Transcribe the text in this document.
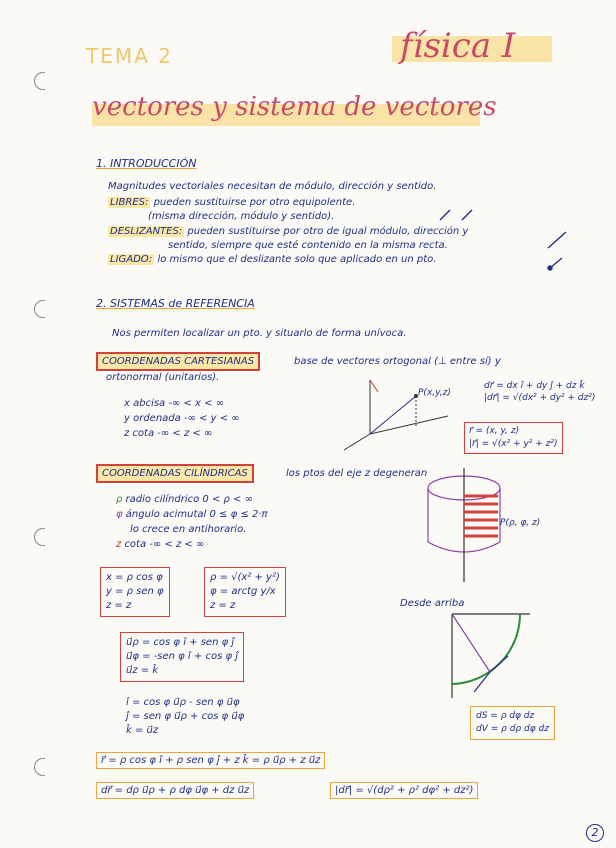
TEMA 2	física I
vectores y sistema de vectores
1. INTRODUCCIÓN
Magnitudes vectoriales necesitan de módulo, dirección y sentido.
LIBRES: pueden sustituirse por otro equipolente.
(misma dirección, módulo y sentido).
DESLIZANTES: pueden sustituirse por otro de igual módulo, dirección y
sentido, siempre que esté contenido en la misma recta.
LIGADO: lo mismo que el deslizante solo que aplicado en un pto.
2. SISTEMAS de REFERENCIA
Nos permiten localizar un pto. y situarlo de forma unívoca.
COORDENADAS CARTESIANAS	base de vectores ortogonal (⊥ entre sí) y
ortonormal (unitarios).
x abcisa -∞ < x < ∞
y ordenada -∞ < y < ∞
z cota -∞ < z < ∞
P(x,y,z)
dr⃗ = dx î + dy ĵ + dz k̂
|dr⃗| = √(dx² + dy² + dz²)
r⃗ = (x, y, z)
|r⃗| = √(x² + y² + z²)
COORDENADAS CILÍNDRICAS	los ptos del eje z degeneran
ρ radio cilíndrico 0 < ρ < ∞
φ ángulo acimutal 0 ≤ φ ≤ 2·π
lo crece en antihorario.
z cota -∞ < z < ∞
P(ρ, φ, z)
Desde arriba
x = ρ cos φ
y = ρ sen φ
z = z
ρ = √(x² + y²)
φ = arctg y/x
z = z
u⃗ρ = cos φ î + sen φ ĵ
u⃗φ = -sen φ î + cos φ ĵ
u⃗z = k̂
î = cos φ u⃗ρ - sen φ u⃗φ
ĵ = sen φ u⃗ρ + cos φ u⃗φ
k̂ = u⃗z
dS = ρ dφ dz
dV = ρ dρ dφ dz
r⃗ = ρ cos φ î + ρ sen φ ĵ + z k̂ = ρ u⃗ρ + z u⃗z
dr⃗ = dρ u⃗ρ + ρ dφ u⃗φ + dz u⃗z	|dr⃗| = √(dρ² + ρ² dφ² + dz²)
2
